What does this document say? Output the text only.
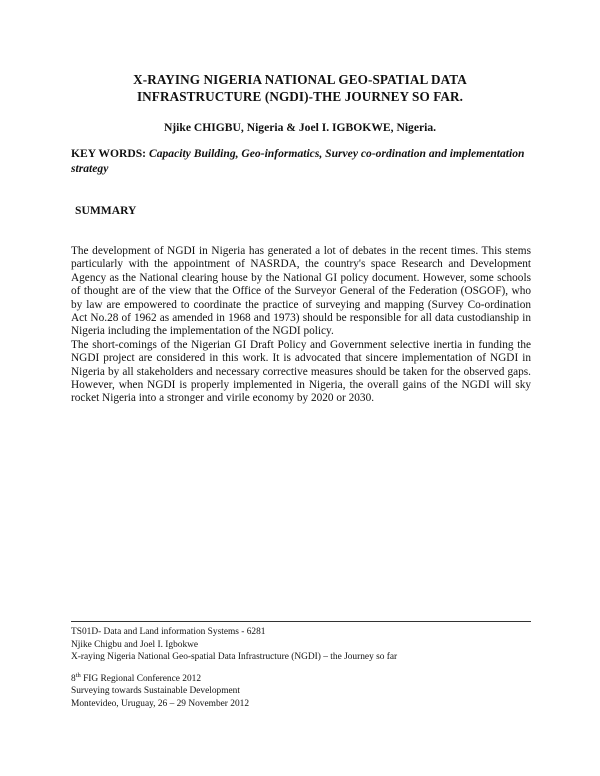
X-RAYING NIGERIA NATIONAL GEO-SPATIAL DATA
INFRASTRUCTURE (NGDI)-THE JOURNEY SO FAR.
Njike CHIGBU, Nigeria & Joel I. IGBOKWE, Nigeria.
KEY WORDS: Capacity Building, Geo-informatics, Survey co-ordination and implementation strategy
SUMMARY

The development of NGDI in Nigeria has generated a lot of debates in the recent times. This stems particularly with the appointment of NASRDA, the country's space Research and Development Agency as the National clearing house by the National GI policy document. However, some schools of thought are of the view that the Office of the Surveyor General of the Federation (OSGOF), who by law are empowered to coordinate the practice of surveying and mapping (Survey Co-ordination Act No.28 of 1962 as amended in 1968 and 1973) should be responsible for all data custodianship in Nigeria including the implementation of the NGDI policy.

The short-comings of the Nigerian GI Draft Policy and Government selective inertia in funding the NGDI project are considered in this work. It is advocated that sincere implementation of NGDI in Nigeria by all stakeholders and necessary corrective measures should be taken for the observed gaps. However, when NGDI is properly implemented in Nigeria, the overall gains of the NGDI will sky rocket Nigeria into a stronger and virile economy by 2020 or 2030.

TS01D- Data and Land information Systems - 6281
Njike Chigbu and Joel I. Igbokwe
X-raying Nigeria National Geo-spatial Data Infrastructure (NGDI) – the Journey so far
8th FIG Regional Conference 2012
Surveying towards Sustainable Development
Montevideo, Uruguay, 26 – 29 November 2012
